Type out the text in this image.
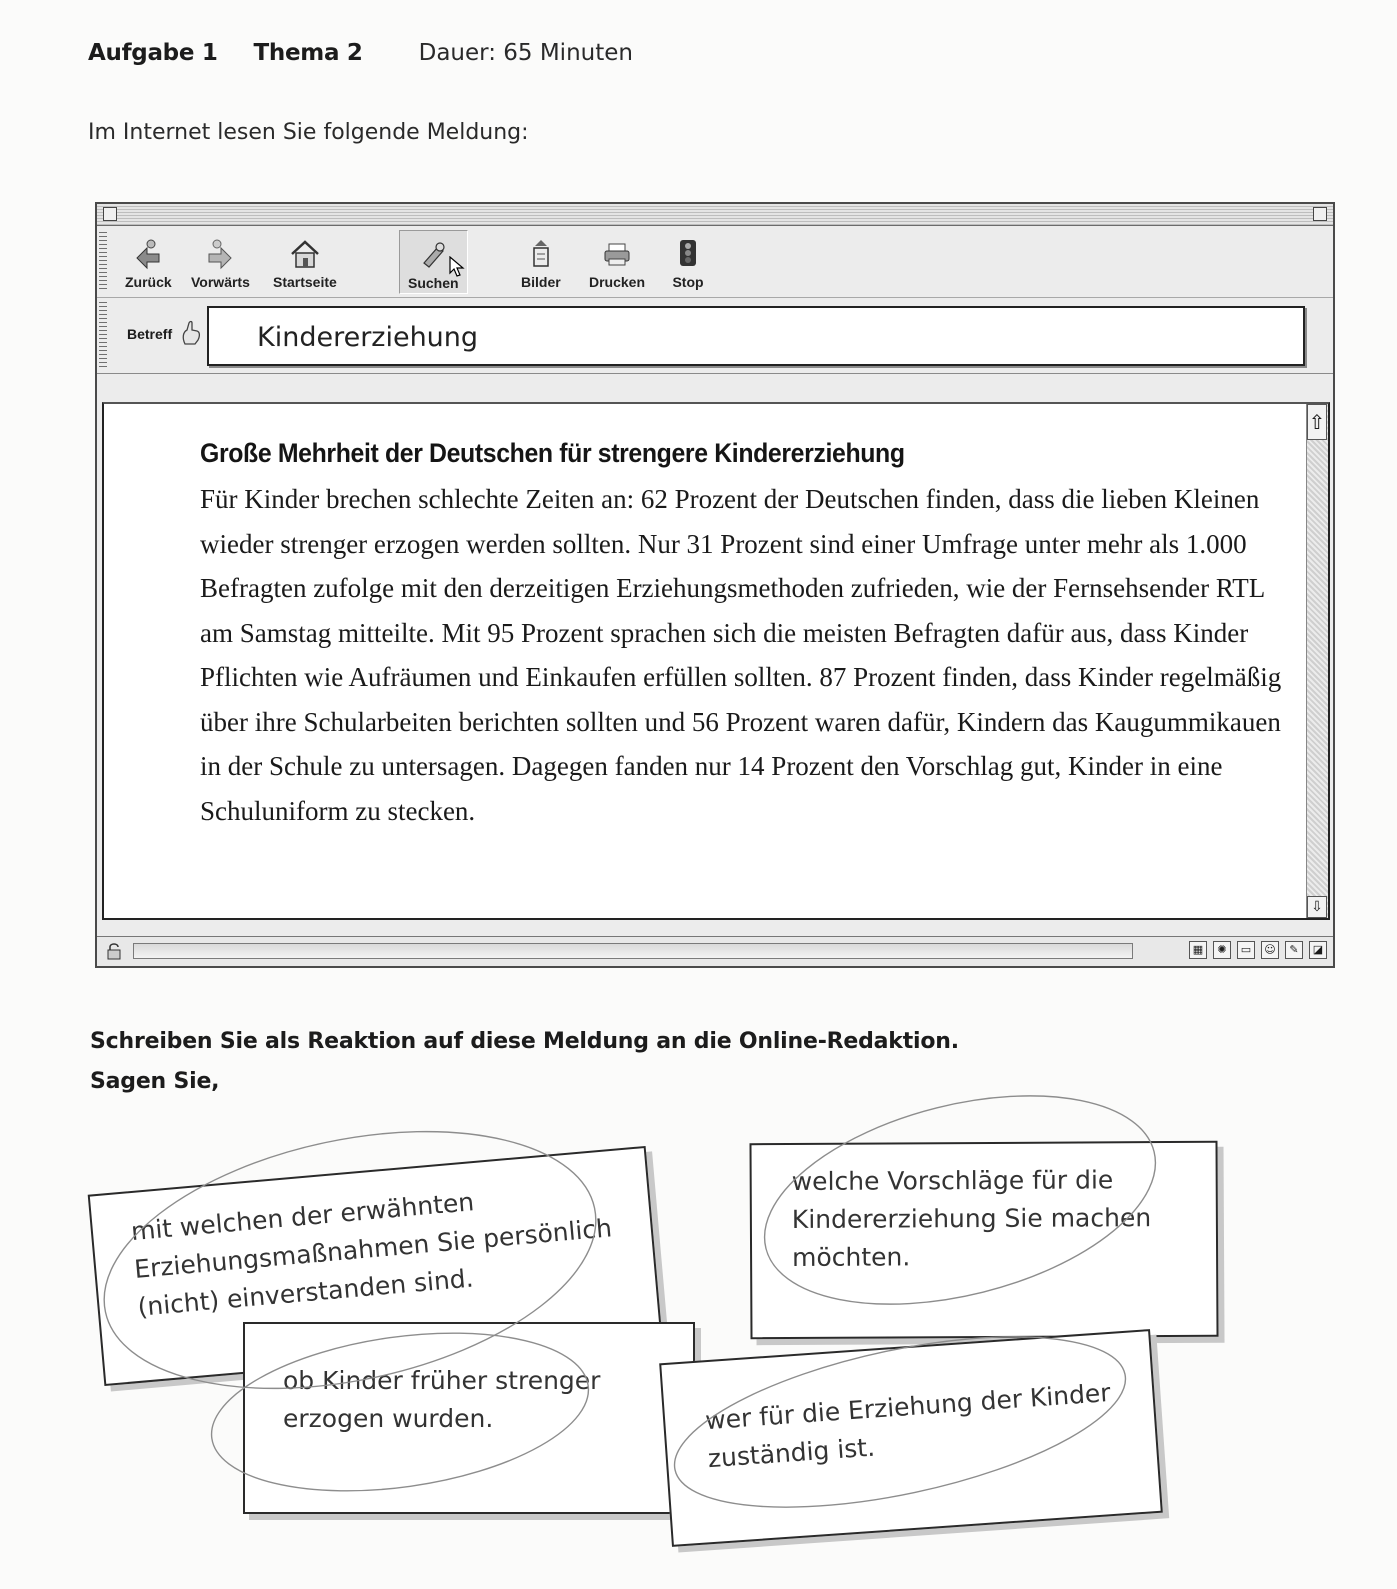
Aufgabe 1 Thema 2 Dauer: 65 Minuten
Im Internet lesen Sie folgende Meldung:
Zurück Vorwärts Startseite	Suchen	Bilder Drucken Stop
Betreff	Kindererziehung
Große Mehrheit der Deutschen für strengere Kindererziehung
Für Kinder brechen schlechte Zeiten an: 62 Prozent der Deutschen finden, dass die lieben Kleinen wieder strenger erzogen werden sollten. Nur 31 Prozent sind einer Umfrage unter mehr als 1.000 Befragten zufolge mit den derzeitigen Erziehungsmethoden zufrieden, wie der Fernsehsender RTL am Samstag mitteilte. Mit 95 Prozent sprachen sich die meisten Befragten dafür aus, dass Kinder Pflichten wie Aufräumen und Einkaufen erfüllen sollten. 87 Prozent finden, dass Kinder regelmäßig über ihre Schularbeiten berichten sollten und 56 Prozent waren dafür, Kindern das Kaugummikauen in der Schule zu untersagen. Dagegen fanden nur 14 Prozent den Vorschlag gut, Kinder in eine Schuluniform zu stecken.
⇧
⇩
▦	✺	▭	☺	✎	◪
Schreiben Sie als Reaktion auf diese Meldung an die Online-Redaktion.
Sagen Sie,
mit welchen der erwähnten Erziehungsmaßnahmen Sie persönlich (nicht) einverstanden sind.
welche Vorschläge für die Kindererziehung Sie machen möchten.
ob Kinder früher strenger erzogen wurden.	wer für die Erziehung der Kinder zuständig ist.
